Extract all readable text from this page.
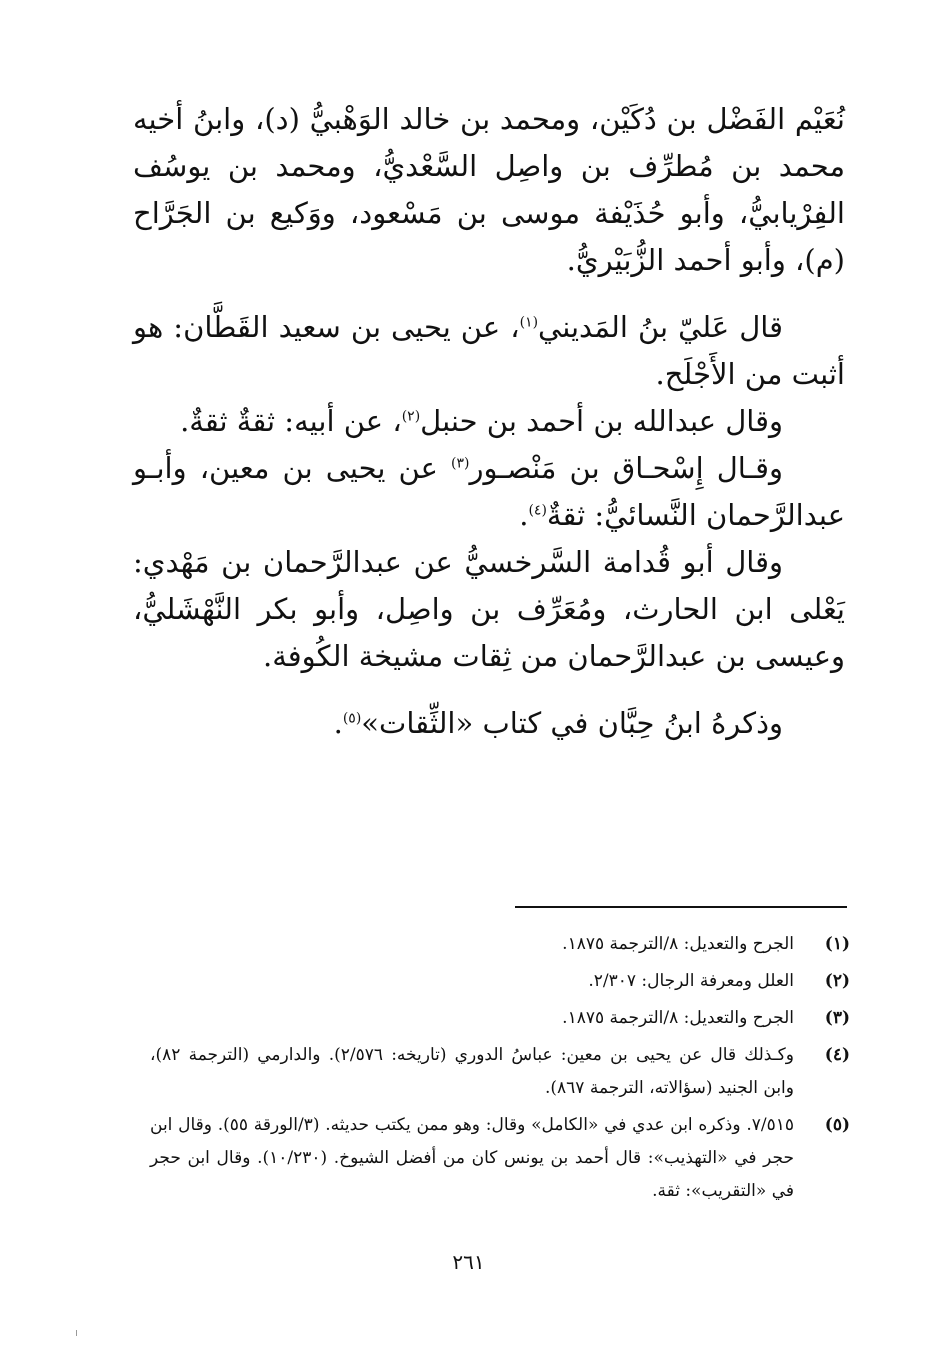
نُعَيْم الفَضْل بن دُكَيْن، ومحمد بن خالد الوَهْبيُّ (د)، وابنُ أخيه محمد بن مُطرِّف بن واصِل السَّعْديُّ، ومحمد بن يوسُف الفِرْيابيُّ، وأبو حُذَيْفة موسى بن مَسْعود، ووَكيع بن الجَرَّاح (م)، وأبو أحمد الزُّبَيْريُّ.

قال عَليّ بنُ المَديني$^{(١)}$، عن يحيى بن سعيد القَطَّان: هو أثبت من الأَجْلَح.

وقال عبدالله بن أحمد بن حنبل$^{(٢)}$، عن أبيه: ثقةٌ ثقةٌ.

وقـال إِسْحـاق بن مَنْصـور$^{(٣)}$ عن يحيى بن معين، وأبـو عبدالرَّحمان النَّسائيُّ: ثقةٌ$^{(٤)}$.

وقال أبو قُدامة السَّرخسيُّ عن عبدالرَّحمان بن مَهْدي: يَعْلى ابن الحارث، ومُعَرِّف بن واصِل، وأبو بكر النَّهْشَليُّ، وعيسى بن عبدالرَّحمان من ثِقات مشيخة الكُوفة.

وذكرهُ ابنُ حِبَّان في كتاب «الثِّقات»$^{(٥)}$.

(١)
الجرح والتعديل: ٨/الترجمة ١٨٧٥.
(٢)
العلل ومعرفة الرجال: ٢/٣٠٧.
(٣)
الجرح والتعديل: ٨/الترجمة ١٨٧٥.
(٤)
وكـذلك قال عن يحيى بن معين: عباسُ الدوري (تاريخه: ٢/٥٧٦). والدارمي (الترجمة ٨٢)، وابن الجنيد (سؤالاته، الترجمة ٨٦٧).
(٥)
٧/٥١٥. وذكره ابن عدي في «الكامل» وقال: وهو ممن يكتب حديثه. (٣/الورقة ٥٥). وقال ابن حجر في «التهذيب»: قال أحمد بن يونس كان من أفضل الشيوخ. (١٠/٢٣٠). وقال ابن حجر في «التقريب»: ثقة.
٢٦١
